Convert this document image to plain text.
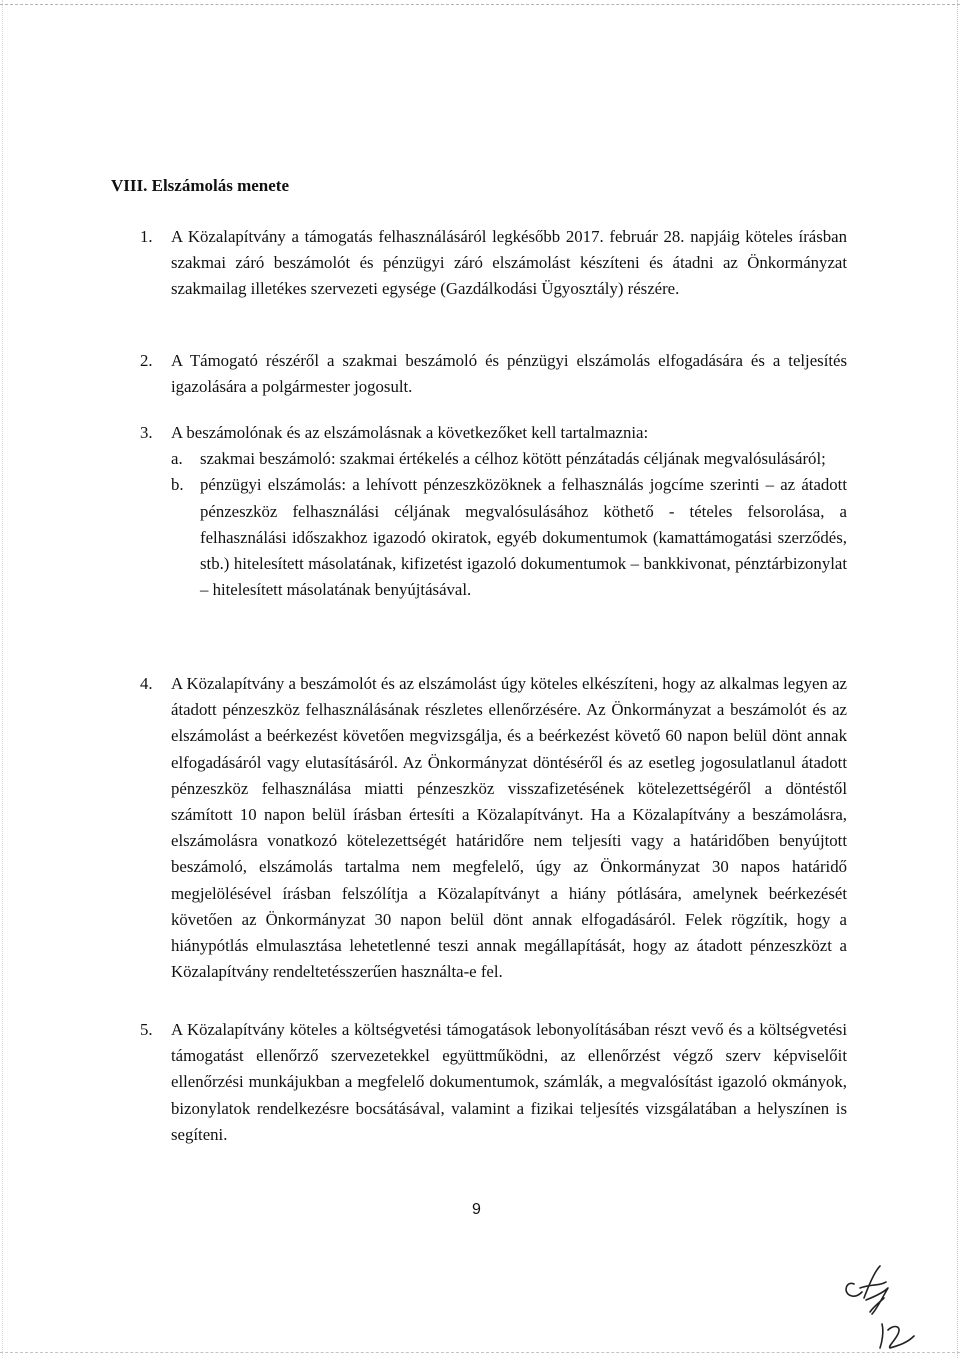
VIII. Elszámolás menete
1. A Közalapítvány a támogatás felhasználásáról legkésőbb 2017. február 28. napjáig köteles írásban szakmai záró beszámolót és pénzügyi záró elszámolást készíteni és átadni az Önkormányzat szakmailag illetékes szervezeti egysége (Gazdálkodási Ügyosztály) részére.

2. A Támogató részéről a szakmai beszámoló és pénzügyi elszámolás elfogadására és a teljesítés igazolására a polgármester jogosult.

3. A beszámolónak és az elszámolásnak a következőket kell tartalmaznia:

a. szakmai beszámoló: szakmai értékelés a célhoz kötött pénzátadás céljának megvalósulásáról;

b. pénzügyi elszámolás: a lehívott pénzeszközöknek a felhasználás jogcíme szerinti – az átadott pénzeszköz felhasználási céljának megvalósulásához köthető - tételes felsorolása, a felhasználási időszakhoz igazodó okiratok, egyéb dokumentumok (kamattámogatási szerződés, stb.) hitelesített másolatának, kifizetést igazoló dokumentumok – bankkivonat, pénztárbizonylat – hitelesített másolatának benyújtásával.

4. A Közalapítvány a beszámolót és az elszámolást úgy köteles elkészíteni, hogy az alkalmas legyen az átadott pénzeszköz felhasználásának részletes ellenőrzésére. Az Önkormányzat a beszámolót és az elszámolást a beérkezést követően megvizsgálja, és a beérkezést követő 60 napon belül dönt annak elfogadásáról vagy elutasításáról. Az Önkormányzat döntéséről és az esetleg jogosulatlanul átadott pénzeszköz felhasználása miatti pénzeszköz visszafizetésének kötelezettségéről a döntéstől számított 10 napon belül írásban értesíti a Közalapítványt. Ha a Közalapítvány a beszámolásra, elszámolásra vonatkozó kötelezettségét határidőre nem teljesíti vagy a határidőben benyújtott beszámoló, elszámolás tartalma nem megfelelő, úgy az Önkormányzat 30 napos határidő megjelölésével írásban felszólítja a Közalapítványt a hiány pótlására, amelynek beérkezését követően az Önkormányzat 30 napon belül dönt annak elfogadásáról. Felek rögzítik, hogy a hiánypótlás elmulasztása lehetetlenné teszi annak megállapítását, hogy az átadott pénzeszközt a Közalapítvány rendeltetésszerűen használta-e fel.

5. A Közalapítvány köteles a költségvetési támogatások lebonyolításában részt vevő és a költségvetési támogatást ellenőrző szervezetekkel együttműködni, az ellenőrzést végző szerv képviselőit ellenőrzési munkájukban a megfelelő dokumentumok, számlák, a megvalósítást igazoló okmányok, bizonylatok rendelkezésre bocsátásával, valamint a fizikai teljesítés vizsgálatában a helyszínen is segíteni.

9
